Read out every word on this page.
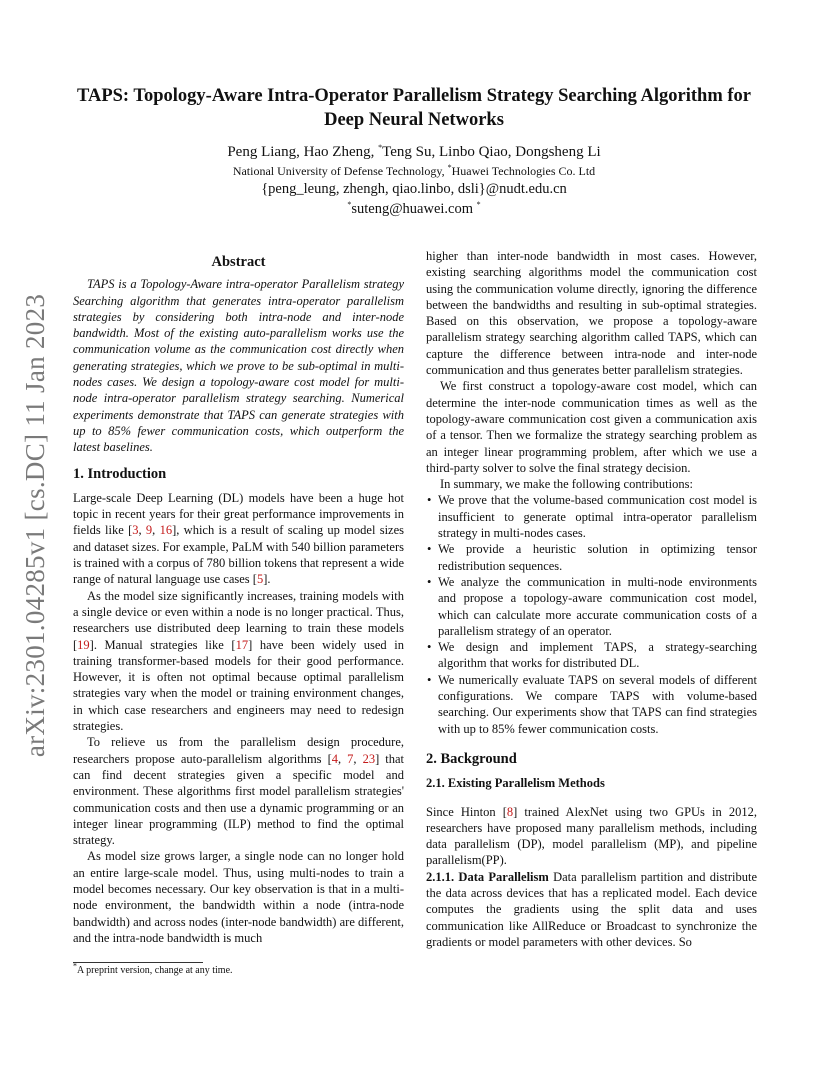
arXiv:2301.04285v1 [cs.DC] 11 Jan 2023
TAPS: Topology-Aware Intra-Operator Parallelism Strategy Searching Algorithm for Deep Neural Networks
Peng Liang, Hao Zheng, *Teng Su, Linbo Qiao, Dongsheng Li
National University of Defense Technology, *Huawei Technologies Co. Ltd
{peng_leung, zhengh, qiao.linbo, dsli}@nudt.edu.cn
*suteng@huawei.com *
Abstract

TAPS is a Topology-Aware intra-operator Parallelism strategy Searching algorithm that generates intra-operator parallelism strategies by considering both intra-node and inter-node bandwidth. Most of the existing auto-parallelism works use the communication volume as the communication cost directly when generating strategies, which we prove to be sub-optimal in multi-nodes cases. We design a topology-aware cost model for multi-node intra-operator parallelism strategy searching. Numerical experiments demonstrate that TAPS can generate strategies with up to 85% fewer communication costs, which outperform the latest baselines.

1. Introduction

Large-scale Deep Learning (DL) models have been a huge hot topic in recent years for their great performance improvements in fields like [3, 9, 16], which is a result of scaling up model sizes and dataset sizes. For example, PaLM with 540 billion parameters is trained with a corpus of 780 billion tokens that represent a wide range of natural language use cases [5].

As the model size significantly increases, training models with a single device or even within a node is no longer practical. Thus, researchers use distributed deep learning to train these models [19]. Manual strategies like [17] have been widely used in training transformer-based models for their good performance. However, it is often not optimal because optimal parallelism strategies vary when the model or training environment changes, in which case researchers and engineers may need to redesign strategies.

To relieve us from the parallelism design procedure, researchers propose auto-parallelism algorithms [4, 7, 23] that can find decent strategies given a specific model and environment. These algorithms first model parallelism strategies' communication costs and then use a dynamic programming or an integer linear programming (ILP) method to find the optimal strategy.

As model size grows larger, a single node can no longer hold an entire large-scale model. Thus, using multi-nodes to train a model becomes necessary. Our key observation is that in a multi-node environment, the bandwidth within a node (intra-node bandwidth) and across nodes (inter-node bandwidth) are different, and the intra-node bandwidth is much

higher than inter-node bandwidth in most cases. However, existing searching algorithms model the communication cost using the communication volume directly, ignoring the difference between the bandwidths and resulting in sub-optimal strategies. Based on this observation, we propose a topology-aware parallelism strategy searching algorithm called TAPS, which can capture the difference between intra-node and inter-node communication and thus generates better parallelism strategies.

We first construct a topology-aware cost model, which can determine the inter-node communication times as well as the topology-aware communication cost given a communication axis of a tensor. Then we formalize the strategy searching problem as an integer linear programming problem, after which we use a third-party solver to solve the final strategy decision.

In summary, we make the following contributions:

• We prove that the volume-based communication cost model is insufficient to generate optimal intra-operator parallelism strategy in multi-nodes cases.
• We provide a heuristic solution in optimizing tensor redistribution sequences.
• We analyze the communication in multi-node environments and propose a topology-aware communication cost model, which can calculate more accurate communication costs of a parallelism strategy of an operator.
• We design and implement TAPS, a strategy-searching algorithm that works for distributed DL.
• We numerically evaluate TAPS on several models of different configurations. We compare TAPS with volume-based searching. Our experiments show that TAPS can find strategies with up to 85% fewer communication costs.
2. Background
2.1. Existing Parallelism Methods

Since Hinton [8] trained AlexNet using two GPUs in 2012, researchers have proposed many parallelism methods, including data parallelism (DP), model parallelism (MP), and pipeline parallelism(PP).

2.1.1. Data Parallelism Data parallelism partition and distribute the data across devices that has a replicated model. Each device computes the gradients using the split data and uses communication like AllReduce or Broadcast to synchronize the gradients or model parameters with other devices. So

*A preprint version, change at any time.
